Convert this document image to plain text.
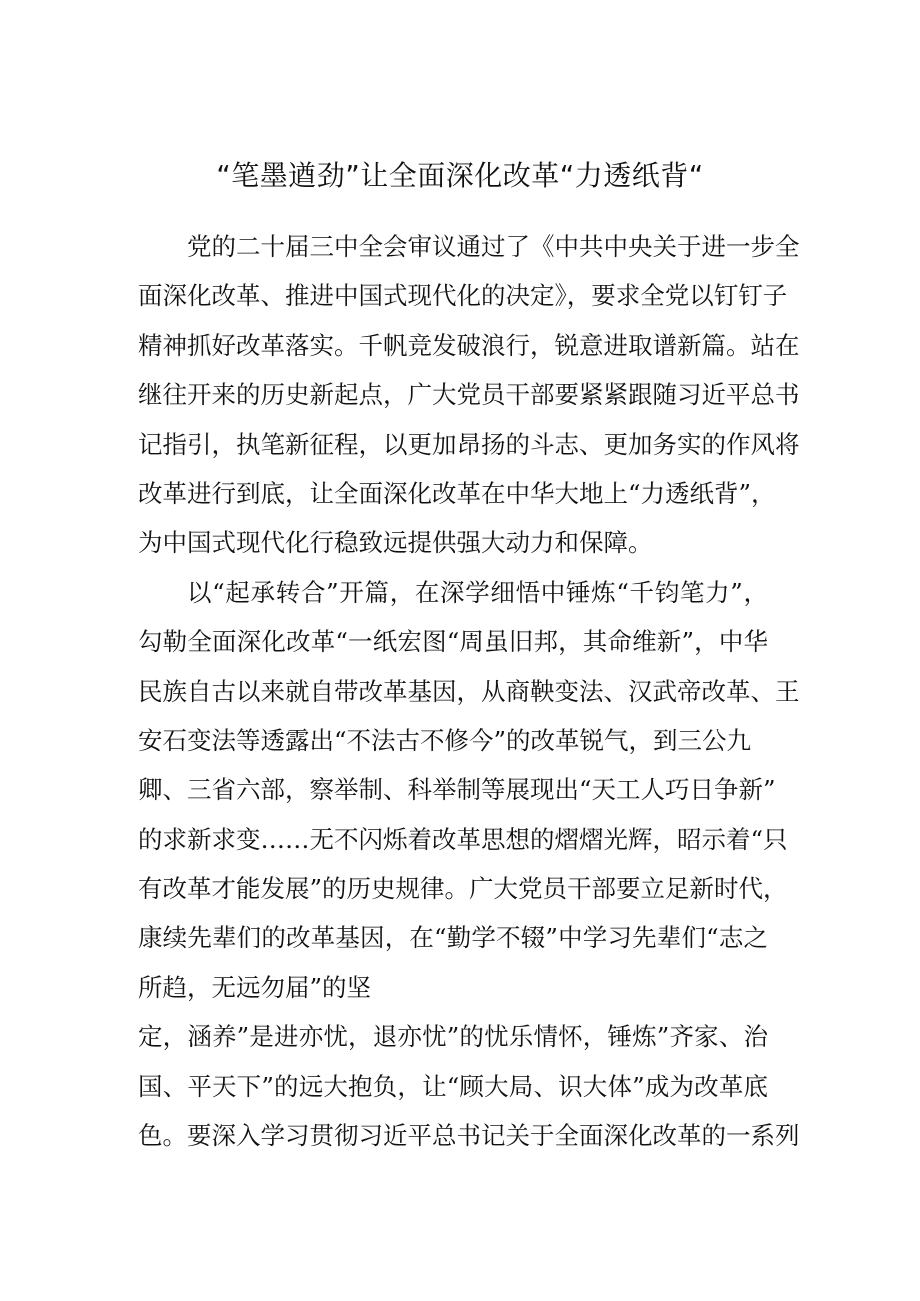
“笔墨遒劲”让全面深化改革“力透纸背“
党的二十届三中全会审议通过了《中共中央关于进一步全
面深化改革、推进中国式现代化的决定》，要求全党以钉钉子
精神抓好改革落实。千帆竞发破浪行，锐意进取谱新篇。站在
继往开来的历史新起点，广大党员干部要紧紧跟随习近平总书
记指引，执笔新征程，以更加昂扬的斗志、更加务实的作风将
改革进行到底，让全面深化改革在中华大地上“力透纸背”，
为中国式现代化行稳致远提供强大动力和保障。
以“起承转合”开篇，在深学细悟中锤炼“千钧笔力”，
勾勒全面深化改革“一纸宏图“周虽旧邦，其命维新”，中华
民族自古以来就自带改革基因，从商鞅变法、汉武帝改革、王
安石变法等透露出“不法古不修今”的改革锐气，到三公九
卿、三省六部，察举制、科举制等展现出“天工人巧日争新”
的求新求变……无不闪烁着改革思想的熠熠光辉，昭示着“只
有改革才能发展”的历史规律。广大党员干部要立足新时代，
康续先辈们的改革基因，在“勤学不辍”中学习先辈们“志之
所趋，无远勿届”的坚
定，涵养”是进亦忧，退亦忧”的忧乐情怀，锤炼”齐家、治
国、平天下”的远大抱负，让“顾大局、识大体”成为改革底
色。要深入学习贯彻习近平总书记关于全面深化改革的一系列
